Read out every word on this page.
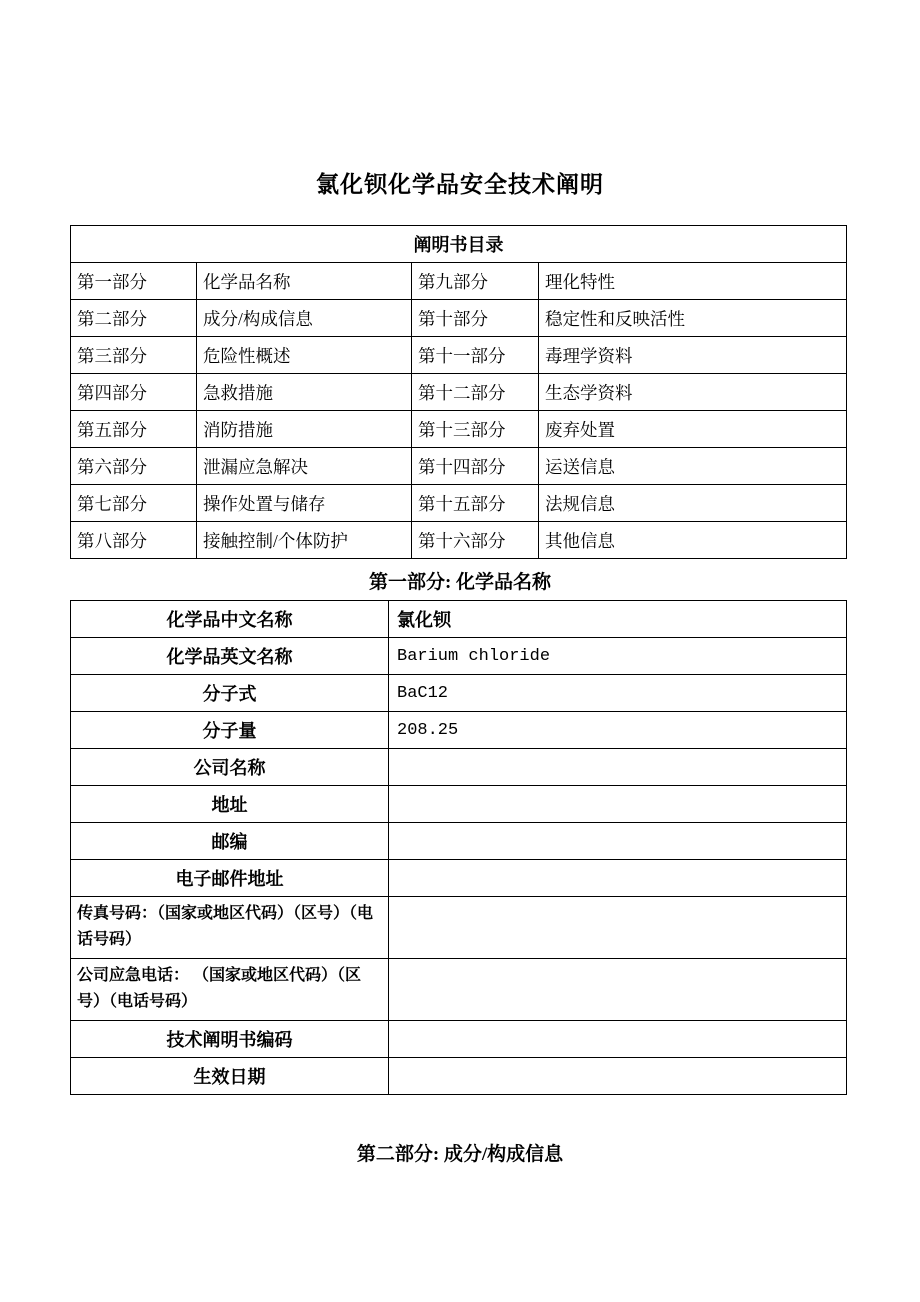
氯化钡化学品安全技术阐明
阐明书目录			
第一部分	化学品名称	第九部分	理化特性
第二部分	成分/构成信息	第十部分	稳定性和反映活性
第三部分	危险性概述	第十一部分	毒理学资料
第四部分	急救措施	第十二部分	生态学资料
第五部分	消防措施	第十三部分	废弃处置
第六部分	泄漏应急解决	第十四部分	运送信息
第七部分	操作处置与储存	第十五部分	法规信息
第八部分	接触控制/个体防护	第十六部分	其他信息
第一部分: 化学品名称
化学品中文名称	氯化钡
化学品英文名称	Barium chloride
分子式	BaC12
分子量	208.25
公司名称	
地址	
邮编	
电子邮件地址	
传真号码：（国家或地区代码）（区号）（电话号码）	
公司应急电话： （国家或地区代码）（区号）（电话号码）	
技术阐明书编码	
生效日期	
第二部分: 成分/构成信息
